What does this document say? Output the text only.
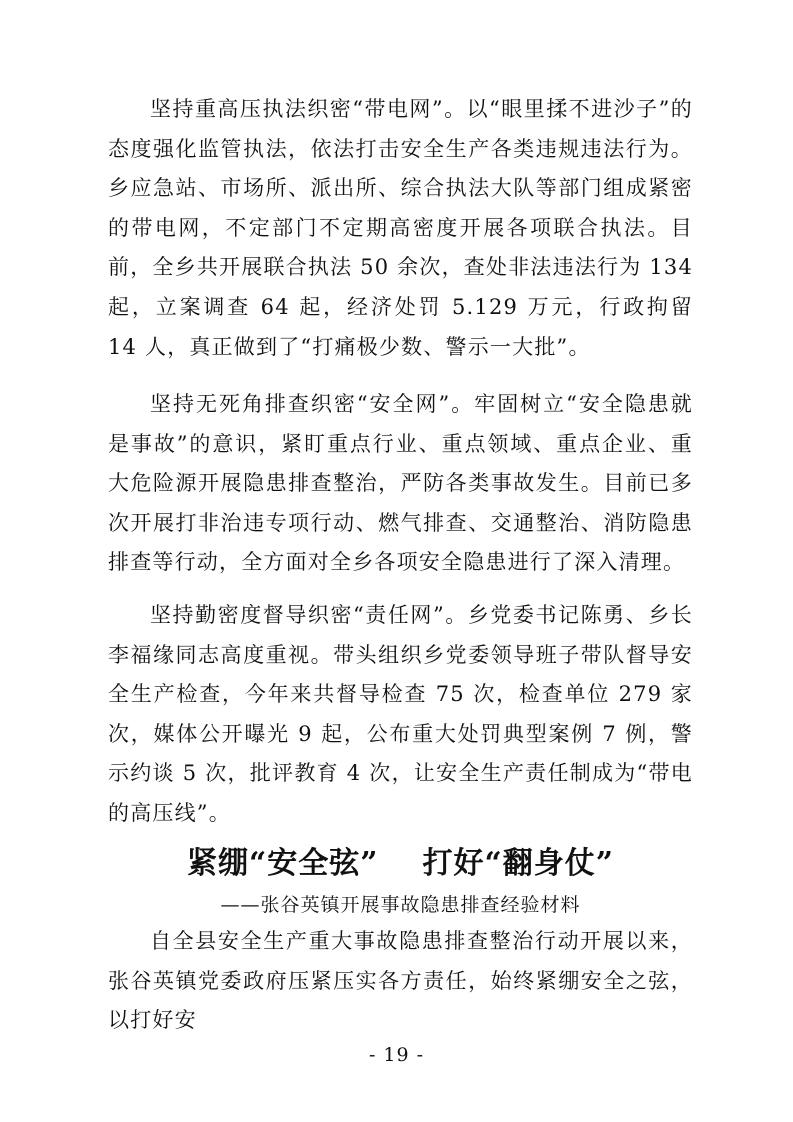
坚持重高压执法织密“带电网”。以“眼里揉不进沙子”的态度强化监管执法，依法打击安全生产各类违规违法行为。乡应急站、市场所、派出所、综合执法大队等部门组成紧密的带电网，不定部门不定期高密度开展各项联合执法。目前，全乡共开展联合执法 50 余次，查处非法违法行为 134 起，立案调查 64 起，经济处罚 5.129 万元，行政拘留 14 人，真正做到了“打痛极少数、警示一大批”。

坚持无死角排查织密“安全网”。牢固树立“安全隐患就是事故”的意识，紧盯重点行业、重点领域、重点企业、重大危险源开展隐患排查整治，严防各类事故发生。目前已多次开展打非治违专项行动、燃气排查、交通整治、消防隐患排查等行动，全方面对全乡各项安全隐患进行了深入清理。

坚持勤密度督导织密“责任网”。乡党委书记陈勇、乡长李福缘同志高度重视。带头组织乡党委领导班子带队督导安全生产检查，今年来共督导检查 75 次，检查单位 279 家次，媒体公开曝光 9 起，公布重大处罚典型案例 7 例，警示约谈 5 次，批评教育 4 次，让安全生产责任制成为“带电的高压线”。

紧绷“安全弦” 打好“翻身仗”
——张谷英镇开展事故隐患排查经验材料

自全县安全生产重大事故隐患排查整治行动开展以来，张谷英镇党委政府压紧压实各方责任，始终紧绷安全之弦，以打好安

- 19 -
